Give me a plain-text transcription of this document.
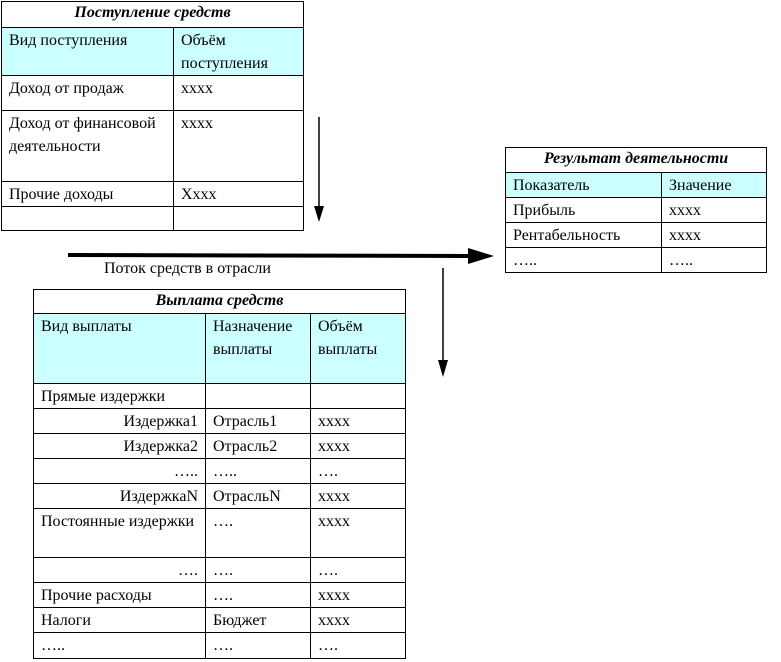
Поступление средств	
Вид поступления	Объём поступления
Доход от продаж	xxxx
Доход от финансовой деятельности	xxxx
Прочие доходы	Xxxx

Результат деятельности	
Показатель	Значение
Прибыль	xxxx
Рентабельность	xxxx
…..	…..
Поток средств в отрасли
Выплата средств		
Вид выплаты	Назначение выплаты	Объём выплаты
Прямые издержки		
Издержка1	Отрасль1	xxxx
Издержка2	Отрасль2	xxxx
…..	…..	….
ИздержкаN	ОтрасльN	xxxx
Постоянные издержки	….	xxxx
….	….	….
Прочие расходы	….	xxxx
Налоги	Бюджет	xxxx
…..	….	….
